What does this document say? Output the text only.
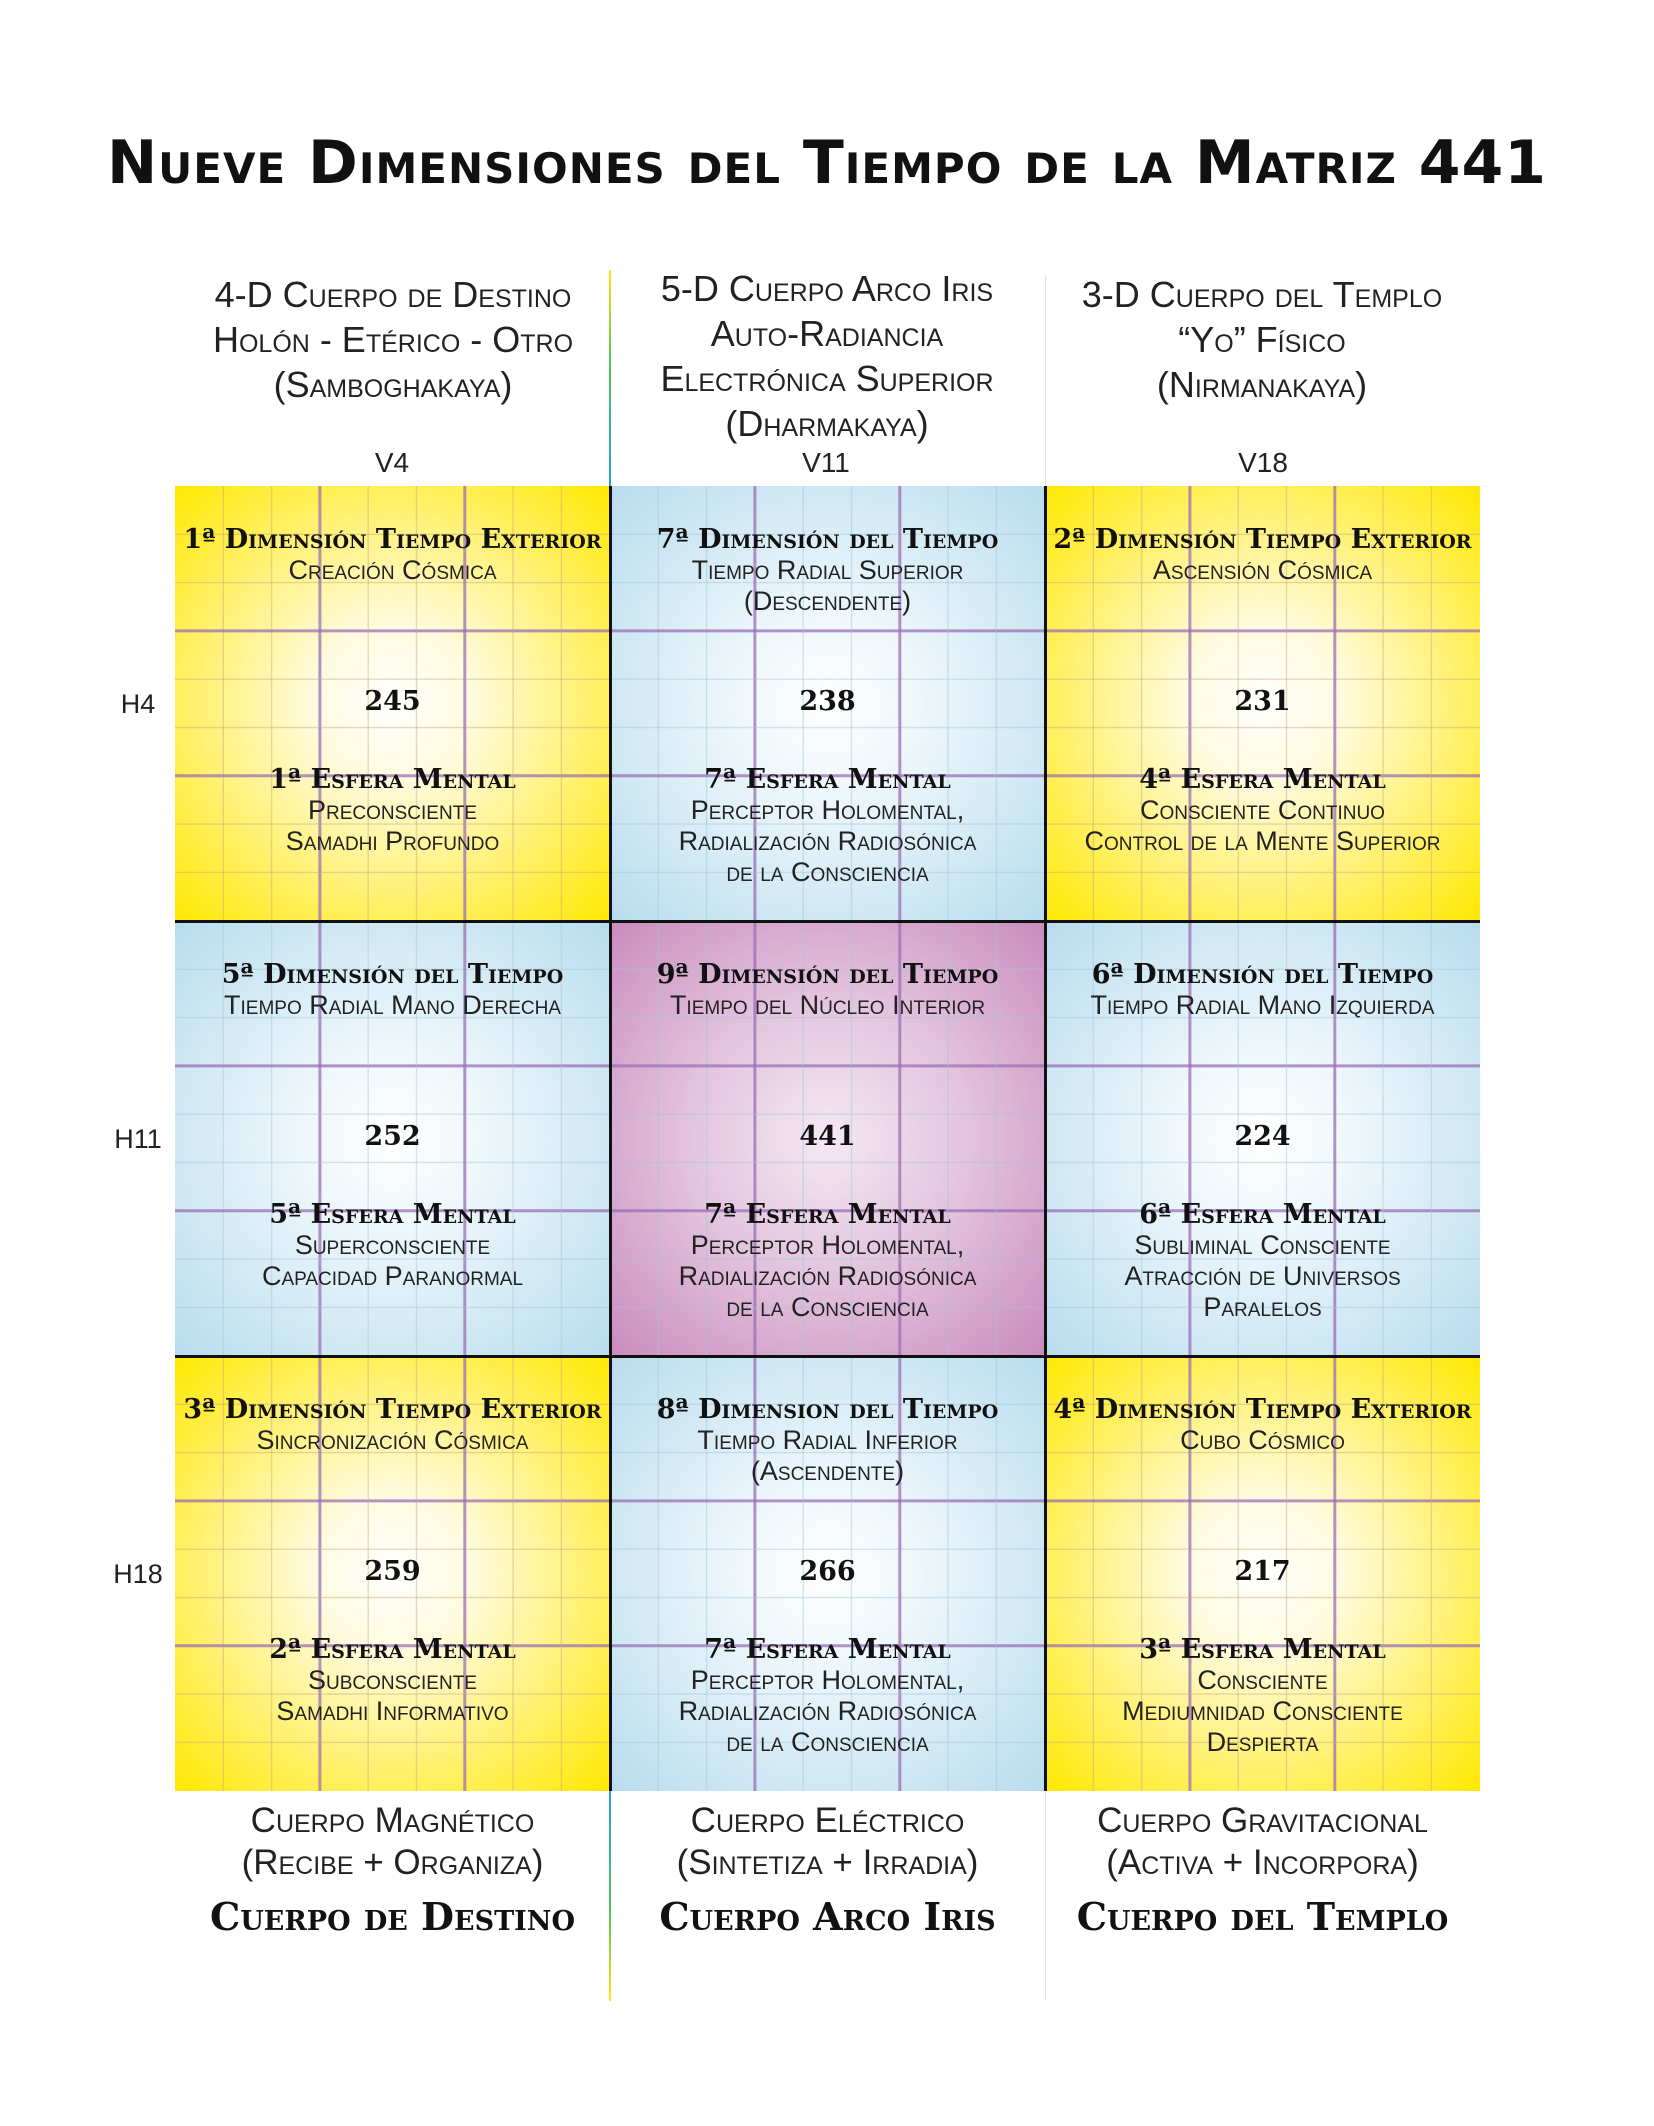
Nueve Dimensiones del Tiempo de la Matriz 441
4-D Cuerpo de Destino
Holón - Etérico - Otro
(Samboghakaya)
5-D Cuerpo Arco Iris
Auto-Radiancia
Electrónica Superior
(Dharmakaya)
3-D Cuerpo del Templo
“Yo” Físico
(Nirmanakaya)
V4	V11	V18
H4
H11
H18
1ª Dimensión Tiempo Exterior
Creación Cósmica
245
1ª Esfera Mental
Preconsciente
Samadhi Profundo
7ª Dimensión del Tiempo
Tiempo Radial Superior
(Descendente)
238
7ª Esfera Mental
Perceptor Holomental,
Radialización Radiosónica
de la Consciencia
2ª Dimensión Tiempo Exterior
Ascensión Cósmica
231
4ª Esfera Mental
Consciente Continuo
Control de la Mente Superior
5ª Dimensión del Tiempo
Tiempo Radial Mano Derecha
252
5ª Esfera Mental
Superconsciente
Capacidad Paranormal
9ª Dimensión del Tiempo
Tiempo del Núcleo Interior
441
7ª Esfera Mental
Perceptor Holomental,
Radialización Radiosónica
de la Consciencia
6ª Dimensión del Tiempo
Tiempo Radial Mano Izquierda
224
6ª Esfera Mental
Subliminal Consciente
Atracción de Universos
Paralelos
3ª Dimensión Tiempo Exterior
Sincronización Cósmica
259
2ª Esfera Mental
Subconsciente
Samadhi Informativo
8ª Dimension del Tiempo
Tiempo Radial Inferior
(Ascendente)
266
7ª Esfera Mental
Perceptor Holomental,
Radialización Radiosónica
de la Consciencia
4ª Dimensión Tiempo Exterior
Cubo Cósmico
217
3ª Esfera Mental
Consciente
Mediumnidad Consciente
Despierta
Cuerpo Magnético
(Recibe + Organiza)
Cuerpo de Destino
Cuerpo Eléctrico
(Sintetiza + Irradia)
Cuerpo Arco Iris
Cuerpo Gravitacional
(Activa + Incorpora)
Cuerpo del Templo
